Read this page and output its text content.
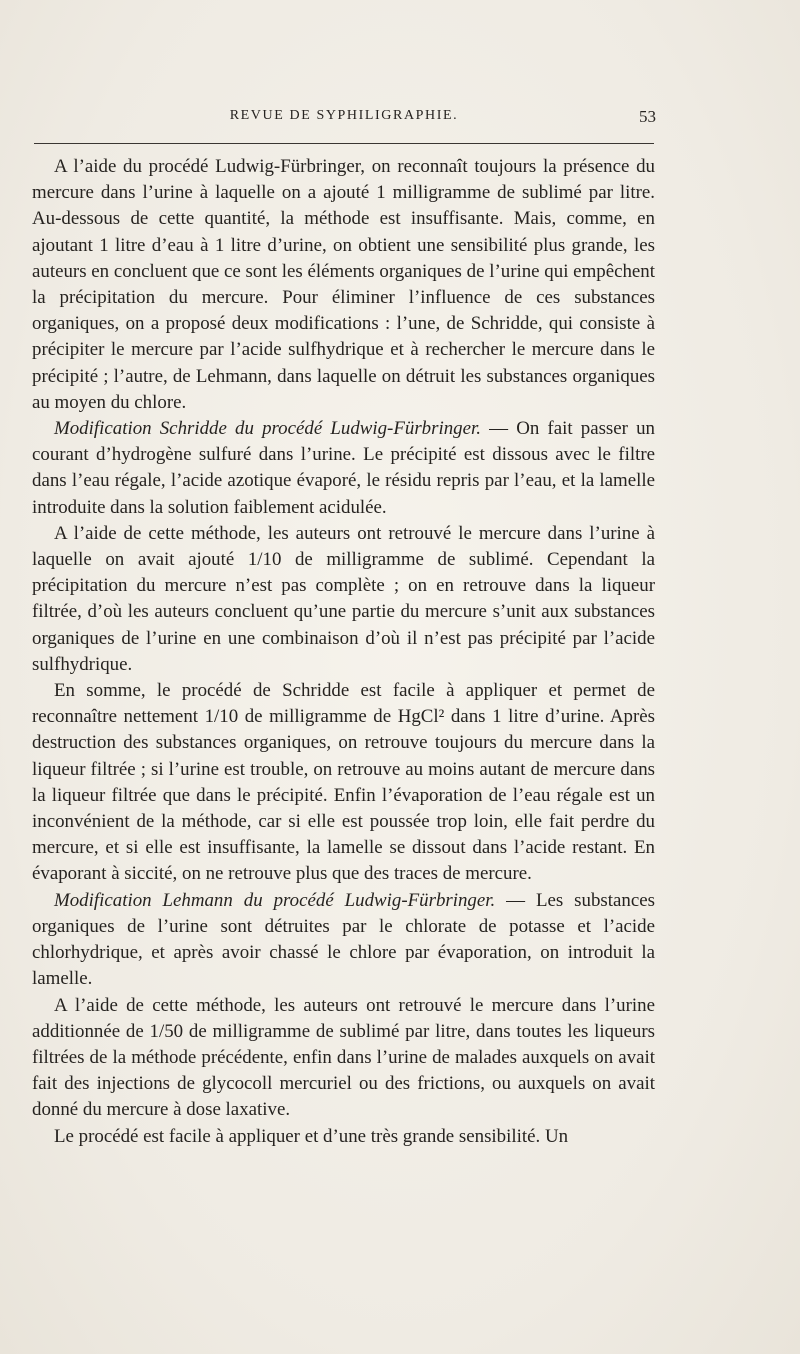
REVUE DE SYPHILIGRAPHIE.	53

A l’aide du procédé Ludwig-Fürbringer, on reconnaît toujours la présence du mercure dans l’urine à laquelle on a ajouté 1 milligramme de sublimé par litre. Au-dessous de cette quantité, la méthode est insuffisante. Mais, comme, en ajoutant 1 litre d’eau à 1 litre d’urine, on obtient une sensibilité plus grande, les auteurs en concluent que ce sont les éléments organiques de l’urine qui empêchent la précipitation du mercure. Pour éliminer l’influence de ces substances organiques, on a proposé deux modifications : l’une, de Schridde, qui consiste à précipiter le mercure par l’acide sulfhydrique et à rechercher le mercure dans le précipité ; l’autre, de Lehmann, dans laquelle on détruit les substances organiques au moyen du chlore.

Modification Schridde du procédé Ludwig-Fürbringer. — On fait passer un courant d’hydrogène sulfuré dans l’urine. Le précipité est dissous avec le filtre dans l’eau régale, l’acide azotique évaporé, le résidu repris par l’eau, et la lamelle introduite dans la solution faiblement acidulée.

A l’aide de cette méthode, les auteurs ont retrouvé le mercure dans l’urine à laquelle on avait ajouté 1/10 de milligramme de sublimé. Cependant la précipitation du mercure n’est pas complète ; on en retrouve dans la liqueur filtrée, d’où les auteurs concluent qu’une partie du mercure s’unit aux substances organiques de l’urine en une combinaison d’où il n’est pas précipité par l’acide sulfhydrique.

En somme, le procédé de Schridde est facile à appliquer et permet de reconnaître nettement 1/10 de milligramme de HgCl² dans 1 litre d’urine. Après destruction des substances organiques, on retrouve toujours du mercure dans la liqueur filtrée ; si l’urine est trouble, on retrouve au moins autant de mercure dans la liqueur filtrée que dans le précipité. Enfin l’évaporation de l’eau régale est un inconvénient de la méthode, car si elle est poussée trop loin, elle fait perdre du mercure, et si elle est insuffisante, la lamelle se dissout dans l’acide restant. En évaporant à siccité, on ne retrouve plus que des traces de mercure.

Modification Lehmann du procédé Ludwig-Fürbringer. — Les substances organiques de l’urine sont détruites par le chlorate de potasse et l’acide chlorhydrique, et après avoir chassé le chlore par évaporation, on introduit la lamelle.

A l’aide de cette méthode, les auteurs ont retrouvé le mercure dans l’urine additionnée de 1/50 de milligramme de sublimé par litre, dans toutes les liqueurs filtrées de la méthode précédente, enfin dans l’urine de malades auxquels on avait fait des injections de glycocoll mercuriel ou des frictions, ou auxquels on avait donné du mercure à dose laxative.

Le procédé est facile à appliquer et d’une très grande sensibilité. Un
